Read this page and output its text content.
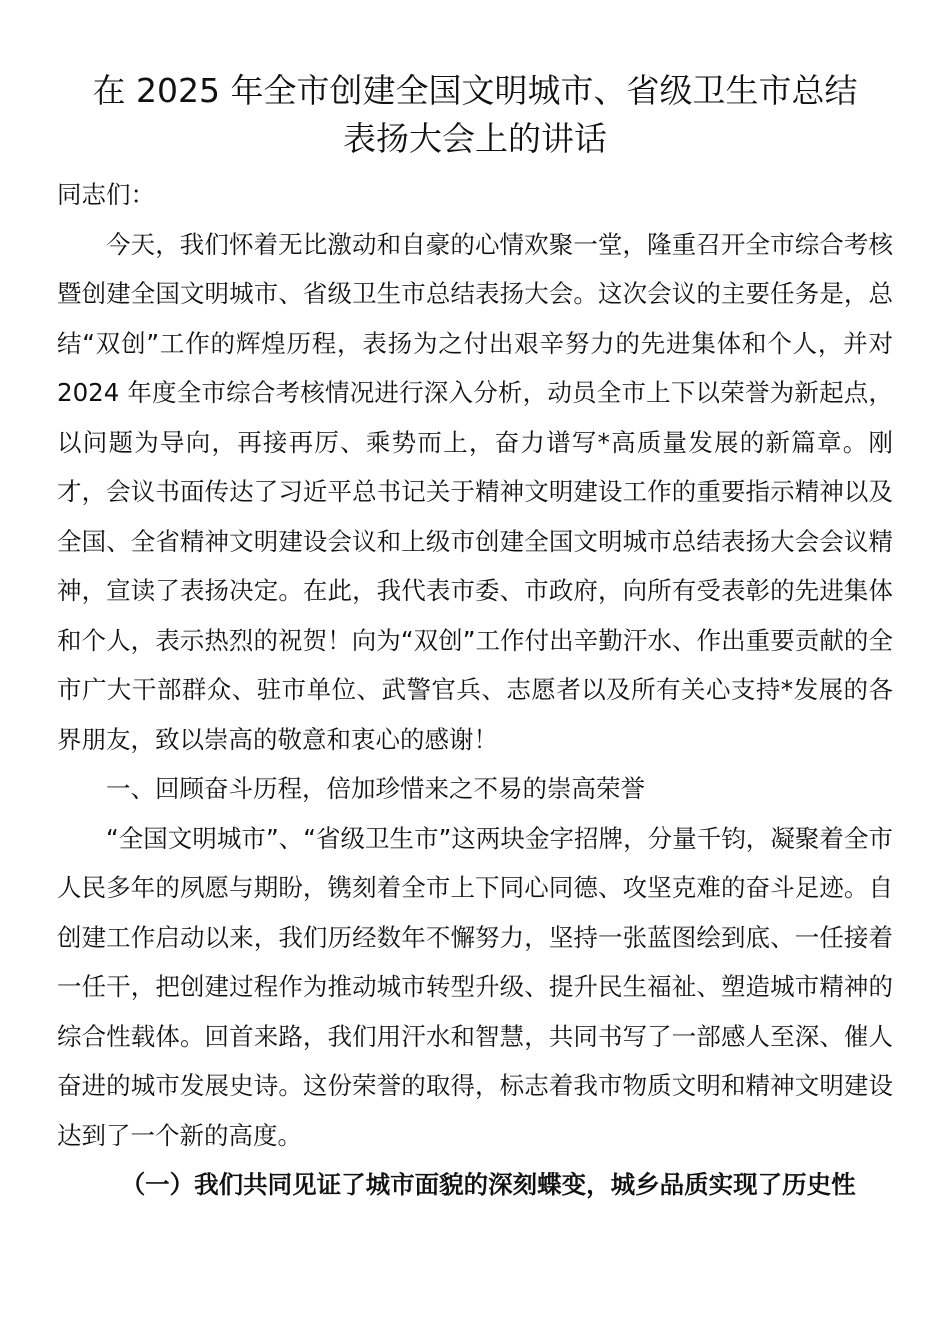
在 2025 年全市创建全国文明城市、省级卫生市总结
表扬大会上的讲话

同志们：

今天，我们怀着无比激动和自豪的心情欢聚一堂，隆重召开全市综合考核暨创建全国文明城市、省级卫生市总结表扬大会。这次会议的主要任务是，总结“双创”工作的辉煌历程，表扬为之付出艰辛努力的先进集体和个人，并对 2024 年度全市综合考核情况进行深入分析，动员全市上下以荣誉为新起点，以问题为导向，再接再厉、乘势而上，奋力谱写*高质量发展的新篇章。刚才，会议书面传达了习近平总书记关于精神文明建设工作的重要指示精神以及全国、全省精神文明建设会议和上级市创建全国文明城市总结表扬大会会议精神，宣读了表扬决定。在此，我代表市委、市政府，向所有受表彰的先进集体和个人，表示热烈的祝贺！向为“双创”工作付出辛勤汗水、作出重要贡献的全市广大干部群众、驻市单位、武警官兵、志愿者以及所有关心支持*发展的各界朋友，致以崇高的敬意和衷心的感谢！

一、回顾奋斗历程，倍加珍惜来之不易的崇高荣誉

“全国文明城市”、“省级卫生市”这两块金字招牌，分量千钧，凝聚着全市人民多年的夙愿与期盼，镌刻着全市上下同心同德、攻坚克难的奋斗足迹。自创建工作启动以来，我们历经数年不懈努力，坚持一张蓝图绘到底、一任接着一任干，把创建过程作为推动城市转型升级、提升民生福祉、塑造城市精神的综合性载体。回首来路，我们用汗水和智慧，共同书写了一部感人至深、催人奋进的城市发展史诗。这份荣誉的取得，标志着我市物质文明和精神文明建设达到了一个新的高度。

（一）我们共同见证了城市面貌的深刻蝶变，城乡品质实现了历史性
